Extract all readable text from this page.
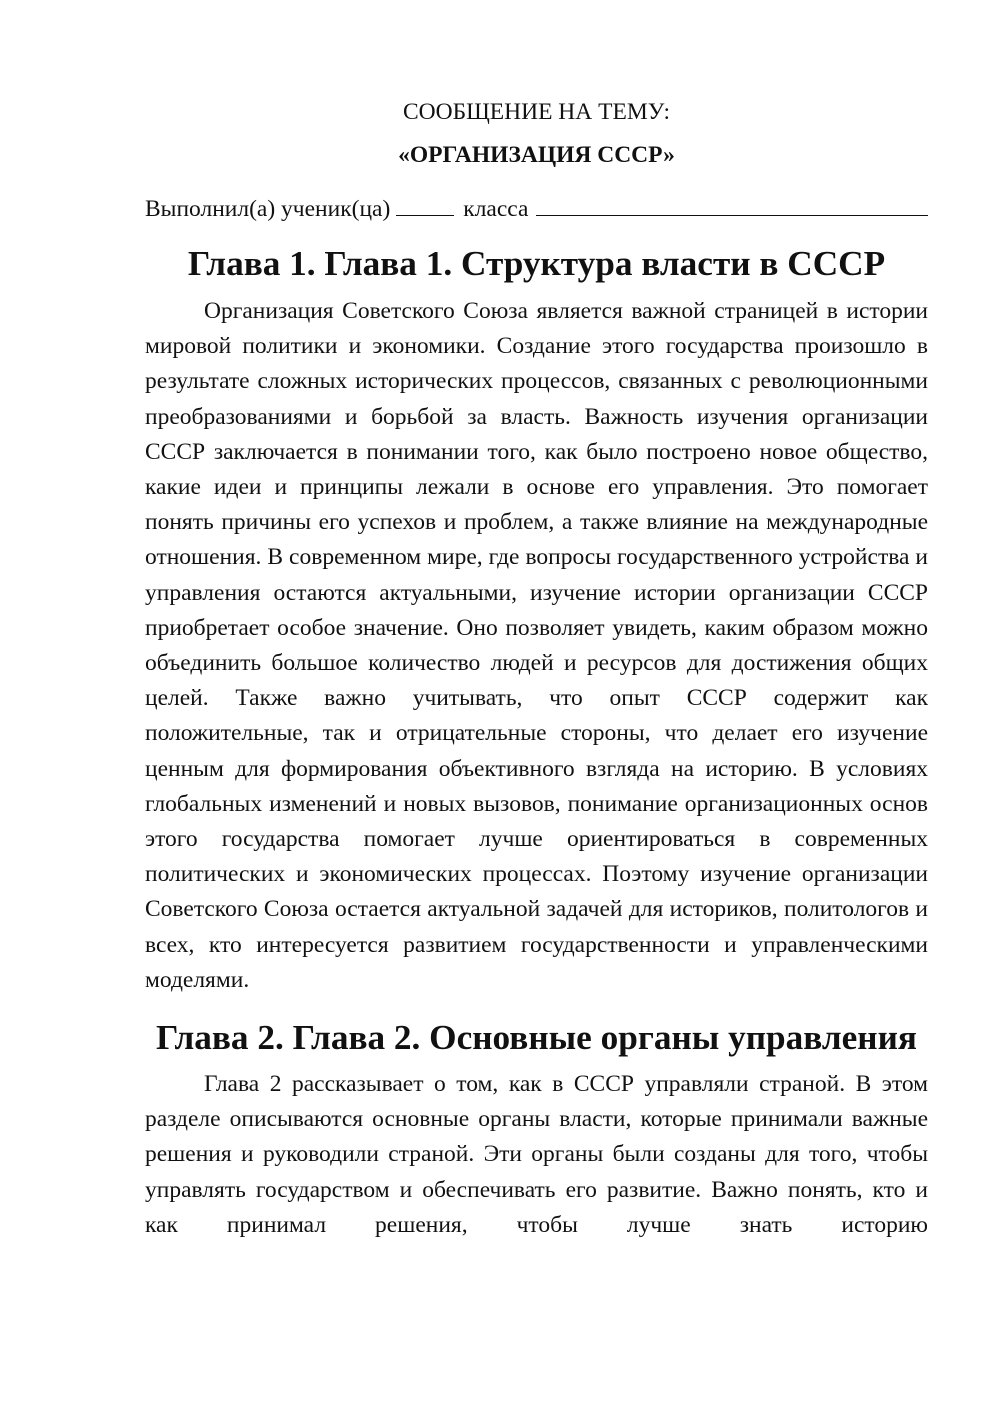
СООБЩЕНИЕ НА ТЕМУ:

«ОРГАНИЗАЦИЯ СССР»

Выполнил(а) ученик(ца)	класса
Глава 1. Глава 1. Структура власти в СССР

Организация Советского Союза является важной страницей в истории мировой политики и экономики. Создание этого государства произошло в результате сложных исторических процессов, связанных с революционными преобразованиями и борьбой за власть. Важность изучения организации СССР заключается в понимании того, как было построено новое общество, какие идеи и принципы лежали в основе его управления. Это помогает понять причины его успехов и проблем, а также влияние на международные отношения. В современном мире, где вопросы государственного устройства и управления остаются актуальными, изучение истории организации СССР приобретает особое значение. Оно позволяет увидеть, каким образом можно объединить большое количество людей и ресурсов для достижения общих целей. Также важно учитывать, что опыт СССР содержит как положительные, так и отрицательные стороны, что делает его изучение ценным для формирования объективного взгляда на историю. В условиях глобальных изменений и новых вызовов, понимание организационных основ этого государства помогает лучше ориентироваться в современных политических и экономических процессах. Поэтому изучение организации Советского Союза остается актуальной задачей для историков, политологов и всех, кто интересуется развитием государственности и управленческими моделями.

Глава 2. Глава 2. Основные органы управления

Глава 2 рассказывает о том, как в СССР управляли страной. В этом разделе описываются основные органы власти, которые принимали важные решения и руководили страной. Эти органы были созданы для того, чтобы управлять государством и обеспечивать его развитие. Важно понять, кто и как принимал решения, чтобы лучше знать историю
